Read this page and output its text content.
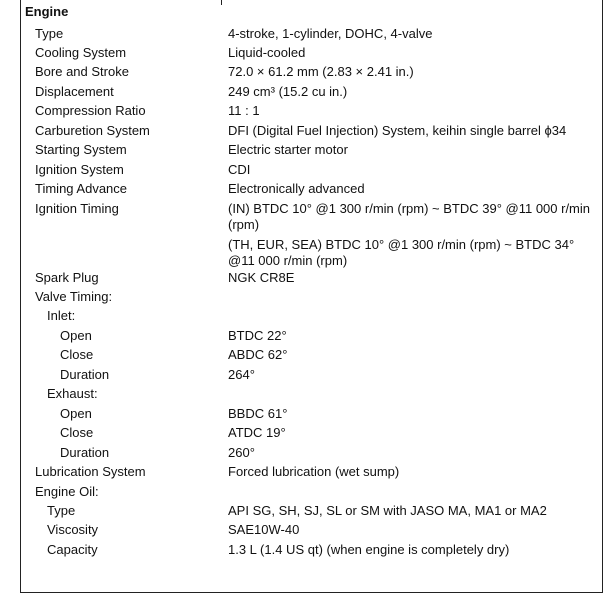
Engine
Type	4-stroke, 1-cylinder, DOHC, 4-valve
Cooling System	Liquid-cooled
Bore and Stroke	72.0 × 61.2 mm (2.83 × 2.41 in.)
Displacement	249 cm³ (15.2 cu in.)
Compression Ratio	11 : 1
Carburetion System	DFI (Digital Fuel Injection) System, keihin single barrel ϕ34
Starting System	Electric starter motor
Ignition System	CDI
Timing Advance	Electronically advanced
Ignition Timing	(IN) BTDC 10° @1 300 r/min (rpm) ~ BTDC 39° @11 000 r/min (rpm)
(TH, EUR, SEA) BTDC 10° @1 300 r/min (rpm) ~ BTDC 34° @11 000 r/min (rpm)
Spark Plug	NGK CR8E
Valve Timing:
Inlet:
Open	BTDC 22°
Close	ABDC 62°
Duration	264°
Exhaust:
Open	BBDC 61°
Close	ATDC 19°
Duration	260°
Lubrication System	Forced lubrication (wet sump)
Engine Oil:
Type	API SG, SH, SJ, SL or SM with JASO MA, MA1 or MA2
Viscosity	SAE10W-40
Capacity	1.3 L (1.4 US qt) (when engine is completely dry)
